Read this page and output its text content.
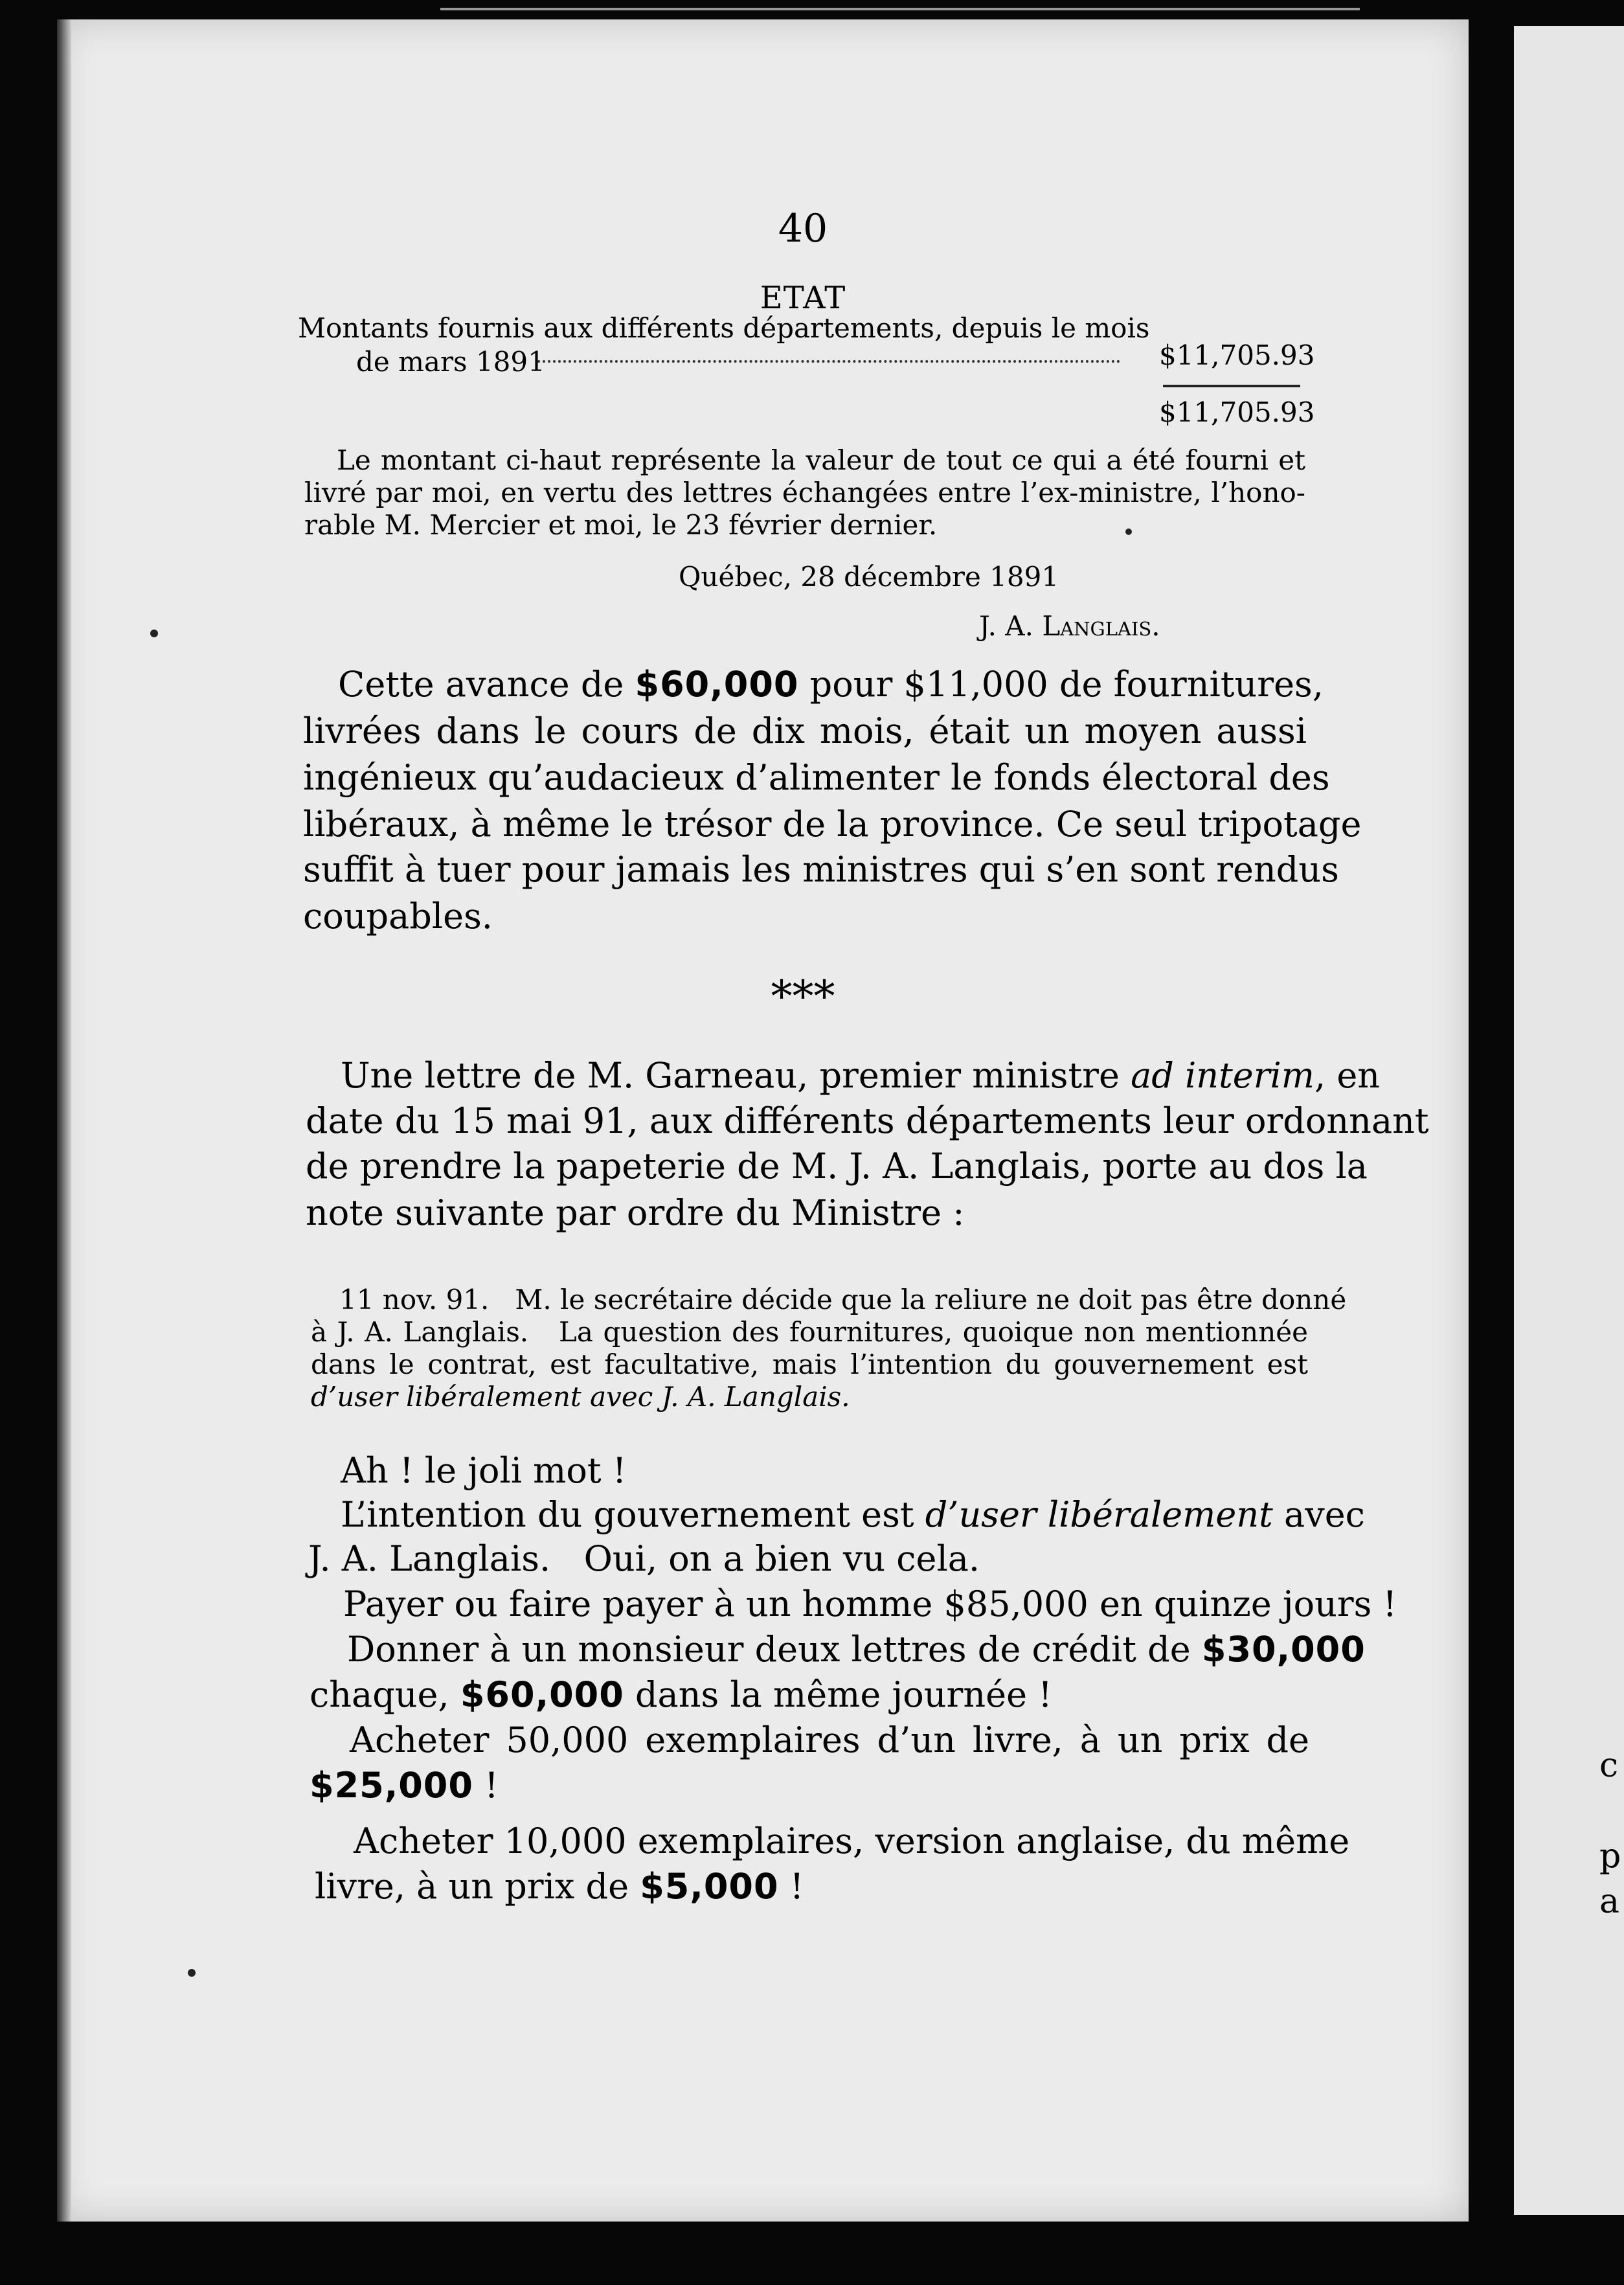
c
p
a
40
ETAT
Montants fournis aux différents départements, depuis le mois
de mars 1891	$11,705.93
$11,705.93
Le montant ci-haut représente la valeur de tout ce qui a été fourni et
livré par moi, en vertu des lettres échangées entre l’ex-ministre, l’hono-
rable M. Mercier et moi, le 23 février dernier.
Québec, 28 décembre 1891
J. A. Langlais.
Cette avance de $60,000 pour $11,000 de fournitures,
livrées dans le cours de dix mois, était un moyen aussi
ingénieux qu’audacieux d’alimenter le fonds électoral des
libéraux, à même le trésor de la province. Ce seul tripotage
suffit à tuer pour jamais les ministres qui s’en sont rendus
coupables.
***
Une lettre de M. Garneau, premier ministre ad interim, en
date du 15 mai 91, aux différents départements leur ordonnant
de prendre la papeterie de M. J. A. Langlais, porte au dos la
note suivante par ordre du Ministre :
11 nov. 91.   M. le secrétaire décide que la reliure ne doit pas être donné
à J. A. Langlais.   La question des fournitures, quoique non mentionnée
dans le contrat, est facultative, mais l’intention du gouvernement est
d’user libéralement avec J. A. Langlais.
Ah ! le joli mot !
L’intention du gouvernement est d’user libéralement avec
J. A. Langlais.   Oui, on a bien vu cela.
Payer ou faire payer à un homme $85,000 en quinze jours !
Donner à un monsieur deux lettres de crédit de $30,000
chaque, $60,000 dans la même journée !
Acheter 50,000 exemplaires d’un livre, à un prix de
$25,000 !
Acheter 10,000 exemplaires, version anglaise, du même
livre, à un prix de $5,000 !
